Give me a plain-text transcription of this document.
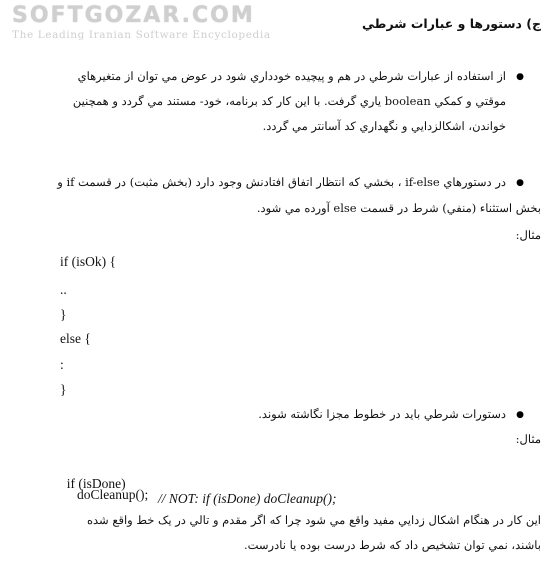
SOFTGOZAR.COM
The Leading Iranian Software Encyclopedia
ج) دستورها و عبارات شرطي
●
از استفاده از عبارات شرطي در هم و پيچيده خودداري شود در عوض مي توان از متغيرهاي
موقتي و كمكي boolean ياري گرفت. با اين كار كد برنامه، خود- مستند مي گردد و همچنين
خواندن، اشكالزدايي و نگهداري كد آسانتر مي گردد.
●
در دستورهاي if-else ، بخشي كه انتظار اتفاق افتادنش وجود دارد (بخش مثبت) در قسمت if و
بخش استثناء (منفي) شرط در قسمت else آورده مي شود.
مثال:
if (isOk) {
..
}
else {
:
}
●
دستورات شرطي بايد در خطوط مجزا نگاشته شوند.
مثال:

if (isDone)

// NOT: if (isDone) doCleanup();

doCleanup();
اين كار در هنگام اشكال زدايي مفيد واقع مي شود چرا كه اگر مقدم و تالي در يک خط واقع شده
باشند، نمي توان تشخيص داد كه شرط درست بوده يا نادرست.
